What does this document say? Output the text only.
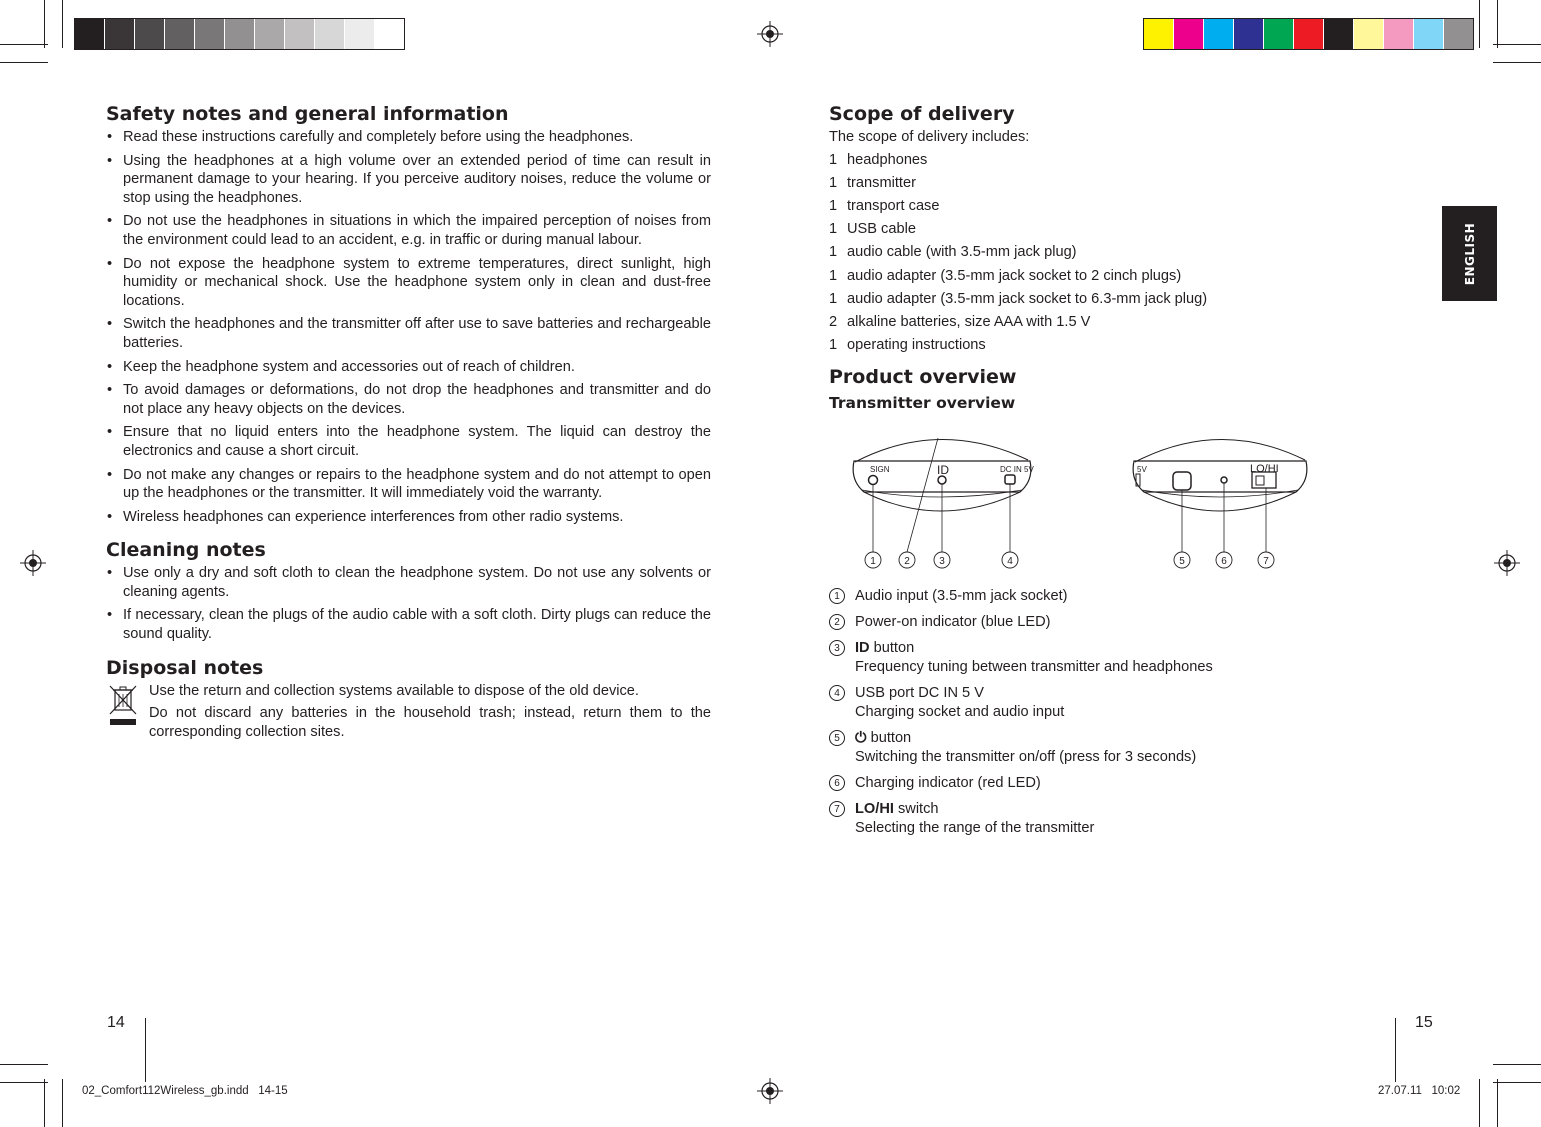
Safety notes and general information
• Read these instructions carefully and completely before using the headphones.
• Using the headphones at a high volume over an extended period of time can result in permanent damage to your hearing. If you perceive auditory noises, reduce the volume or stop using the headphones.
• Do not use the headphones in situations in which the impaired perception of noises from the environment could lead to an accident, e.g. in traffic or during manual labour.
• Do not expose the headphone system to extreme temperatures, direct sunlight, high humidity or mechanical shock. Use the headphone system only in clean and dust-free locations.
• Switch the headphones and the transmitter off after use to save batteries and rechargeable batteries.
• Keep the headphone system and accessories out of reach of children.
• To avoid damages or deformations, do not drop the headphones and transmitter and do not place any heavy objects on the devices.
• Ensure that no liquid enters into the headphone system. The liquid can destroy the electronics and cause a short circuit.
• Do not make any changes or repairs to the headphone system and do not attempt to open up the headphones or the transmitter. It will immediately void the warranty.
• Wireless headphones can experience interferences from other radio systems.
Cleaning notes
• Use only a dry and soft cloth to clean the headphone system. Do not use any solvents or cleaning agents.
• If necessary, clean the plugs of the audio cable with a soft cloth. Dirty plugs can reduce the sound quality.
Disposal notes

Use the return and collection systems available to dispose of the old device.

Do not discard any batteries in the household trash; instead, return them to the corresponding collection sites.

14
Scope of delivery
The scope of delivery includes:
1 headphones
1 transmitter
1 transport case
1 USB cable
1 audio cable (with 3.5-mm jack plug)
1 audio adapter (3.5-mm jack socket to 2 cinch plugs)
1 audio adapter (3.5-mm jack socket to 6.3-mm jack plug)
2 alkaline batteries, size AAA with 1.5 V
1 operating instructions
Product overview
Transmitter overview
SIGN	ID	DC IN 5V	5V	LO/HI
1	2	3	4	5	6	7
1	Audio input (3.5-mm jack socket)
2	Power-on indicator (blue LED)
3	ID button
Frequency tuning between transmitter and headphones
4	USB port DC IN 5 V
Charging socket and audio input
5	⏻ button
Switching the transmitter on/off (press for 3 seconds)
6	Charging indicator (red LED)
7	LO/HI switch
Selecting the range of the transmitter
ENGLISH
15
02_Comfort112Wireless_gb.indd   14-15	27.07.11   10:02
